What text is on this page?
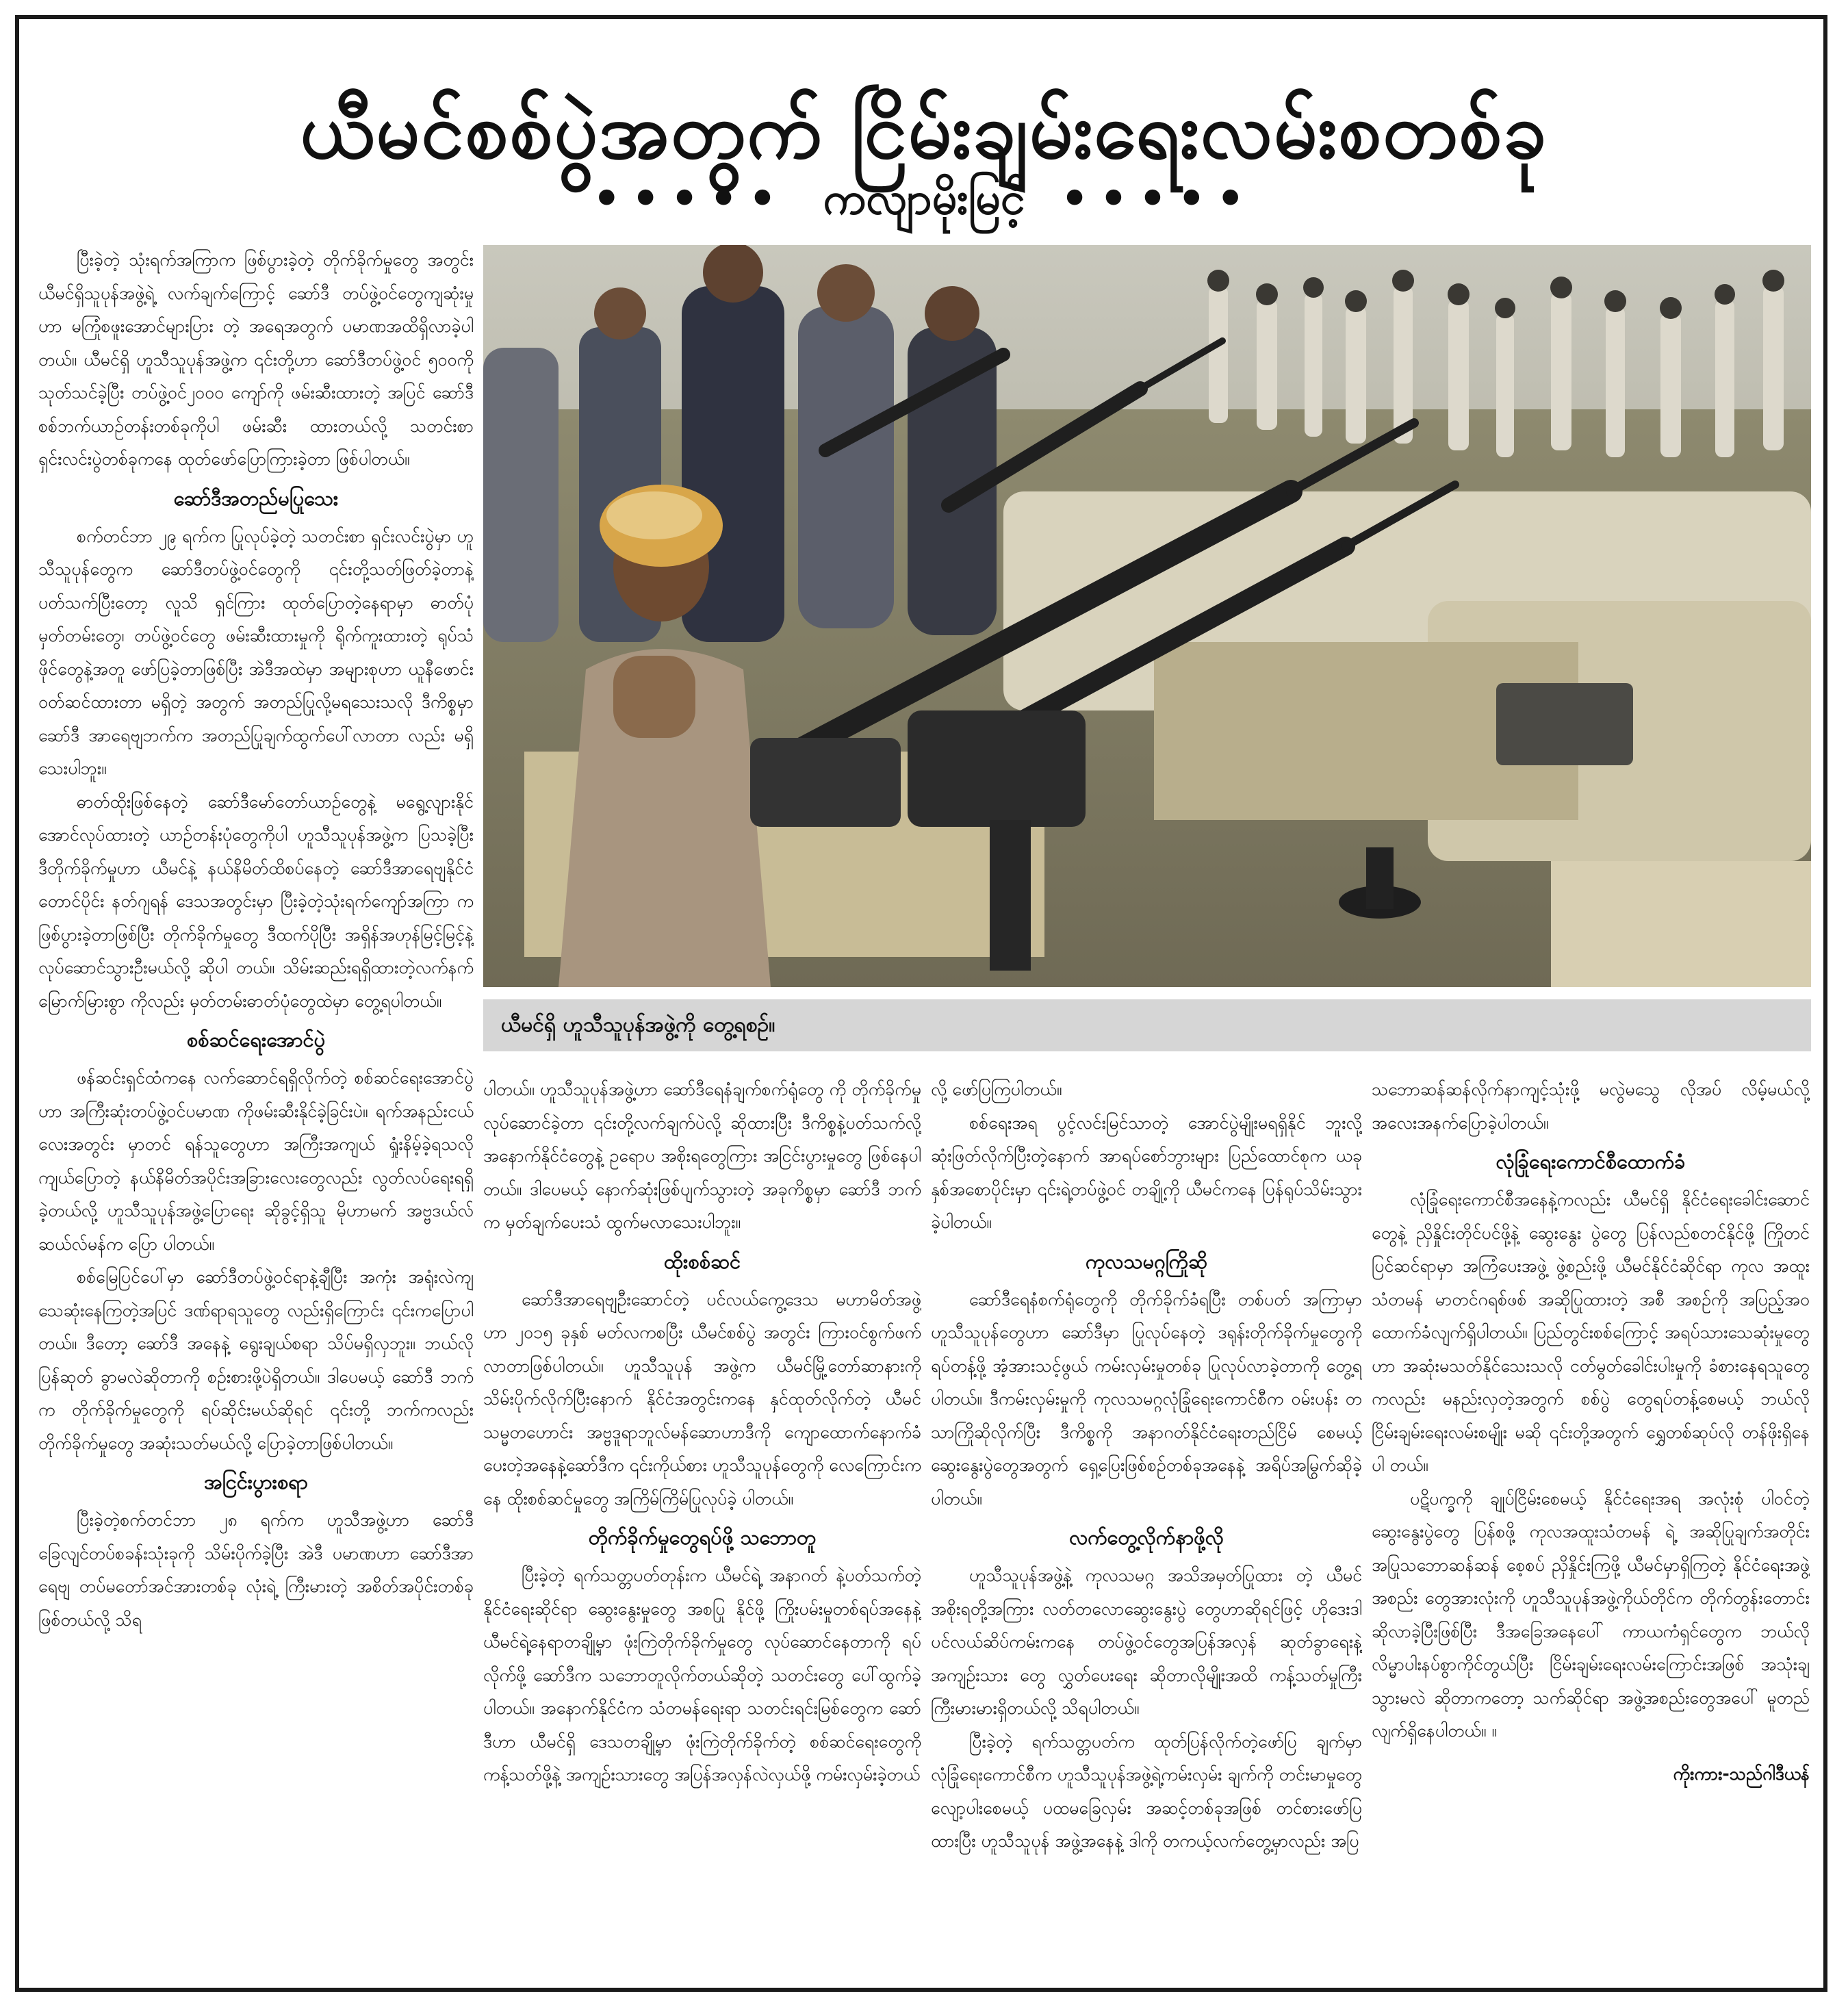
ယီမင်စစ်ပွဲအတွက် ငြိမ်းချမ်းရေးလမ်းစတစ်ခု
••••• ကလျာမိုးမြင့် •••••

ပြီးခဲ့တဲ့ သုံးရက်အကြာက ဖြစ်ပွားခဲ့တဲ့ တိုက်ခိုက်မှုတွေ အတွင်း ယီမင်ရှိသူပုန်အဖွဲ့ရဲ့ လက်ချက်ကြောင့် ဆော်ဒီ တပ်ဖွဲ့ဝင်တွေကျဆုံးမှုဟာ မကြုံစဖူးအောင်များပြား တဲ့ အရေအတွက် ပမာဏအထိရှိလာခဲ့ပါတယ်။ ယီမင်ရှိ ဟူသီသူပုန်အဖွဲ့က ၎င်းတို့ဟာ ဆော်ဒီတပ်ဖွဲ့ဝင် ၅၀၀ကို သုတ်သင်ခဲ့ပြီး တပ်ဖွဲ့ဝင်၂၀၀၀ ကျော်ကို ဖမ်းဆီးထားတဲ့ အပြင် ဆော်ဒီစစ်ဘက်ယာဉ်တန်းတစ်ခုကိုပါ ဖမ်းဆီး ထားတယ်လို့ သတင်းစာရှင်းလင်းပွဲတစ်ခုကနေ ထုတ်ဖော်ပြောကြားခဲ့တာ ဖြစ်ပါတယ်။

ဆော်ဒီအတည်မပြုသေး

စက်တင်ဘာ ၂၉ ရက်က ပြုလုပ်ခဲ့တဲ့ သတင်းစာ ရှင်းလင်းပွဲမှာ ဟူသီသူပုန်တွေက ဆော်ဒီတပ်ဖွဲ့ဝင်တွေကို ၎င်းတို့သတ်ဖြတ်ခဲ့တာနဲ့ ပတ်သက်ပြီးတော့ လူသိ ရှင်ကြား ထုတ်ပြောတဲ့နေရာမှာ ဓာတ်ပုံမှတ်တမ်းတွေ၊ တပ်ဖွဲ့ဝင်တွေ ဖမ်းဆီးထားမှုကို ရိုက်ကူးထားတဲ့ ရုပ်သံဖိုင်တွေနဲ့အတူ ဖော်ပြခဲ့တာဖြစ်ပြီး အဲဒီအထဲမှာ အများစုဟာ ယူနီဖောင်းဝတ်ဆင်ထားတာ မရှိတဲ့ အတွက် အတည်ပြုလို့မရသေးသလို ဒီကိစ္စမှာ ဆော်ဒီ အာရေဗျဘက်က အတည်ပြုချက်ထွက်ပေါ်လာတာ လည်း မရှိသေးပါဘူး။

ဓာတ်ထိုးဖြစ်နေတဲ့ ဆော်ဒီမော်တော်ယာဉ်တွေနဲ့ မရွေ့လျားနိုင်အောင်လုပ်ထားတဲ့ ယာဉ်တန်းပုံတွေကိုပါ ဟူသီသူပုန်အဖွဲ့က ပြသခဲ့ပြီး ဒီတိုက်ခိုက်မှုဟာ ယီမင်နဲ့ နယ်နိမိတ်ထိစပ်နေတဲ့ ဆော်ဒီအာရေဗျနိုင်ငံ တောင်ပိုင်း နတ်ဂျရန် ဒေသအတွင်းမှာ ပြီးခဲ့တဲ့သုံးရက်ကျော်အကြာ က ဖြစ်ပွားခဲ့တာဖြစ်ပြီး တိုက်ခိုက်မှုတွေ ဒီထက်ပိုပြီး အရှိန်အဟုန်မြင့်မြင့်နဲ့ လုပ်ဆောင်သွားဦးမယ်လို့ ဆိုပါ တယ်။ သိမ်းဆည်းရရှိထားတဲ့လက်နက် မြောက်မြားစွာ ကိုလည်း မှတ်တမ်းဓာတ်ပုံတွေထဲမှာ တွေ့ရပါတယ်။

စစ်ဆင်ရေးအောင်ပွဲ

ဖန်ဆင်းရှင်ထံကနေ လက်ဆောင်ရရှိလိုက်တဲ့ စစ်ဆင်ရေးအောင်ပွဲဟာ အကြီးဆုံးတပ်ဖွဲ့ဝင်ပမာဏ ကိုဖမ်းဆီးနိုင်ခဲ့ခြင်းပဲ။ ရက်အနည်းငယ်လေးအတွင်း မှာတင် ရန်သူတွေဟာ အကြီးအကျယ် ရှုံးနိမ့်ခဲ့ရသလို ကျယ်ပြောတဲ့ နယ်နိမိတ်အပိုင်းအခြားလေးတွေလည်း လွတ်လပ်ရေးရရှိခဲ့တယ်လို့ ဟူသီသူပုန်အဖွဲ့ပြောရေး ဆိုခွင့်ရှိသူ မိုဟာမက် အဗ္ဗဒယ်လ် ဆယ်လ်မန်က ပြော ပါတယ်။

စစ်မြေပြင်ပေါ်မှာ ဆော်ဒီတပ်ဖွဲ့ဝင်ရာနဲ့ချီပြီး အကုံး အရုံးလဲကျသေဆုံးနေကြတဲ့အပြင် ဒဏ်ရာရသူတွေ လည်းရှိကြောင်း ၎င်းကပြောပါတယ်။ ဒီတော့ ဆော်ဒီ အနေနဲ့ ရွေးချယ်စရာ သိပ်မရှိလှဘူး။ ဘယ်လို ပြန်ဆုတ် ခွာမလဲဆိုတာကို စဉ်းစားဖို့ပဲရှိတယ်။ ဒါပေမယ့် ဆော်ဒီ ဘက်က တိုက်ခိုက်မှုတွေကို ရပ်ဆိုင်းမယ်ဆိုရင် ၎င်းတို့ ဘက်ကလည်း တိုက်ခိုက်မှုတွေ အဆုံးသတ်မယ်လို့ ပြောခဲ့တာဖြစ်ပါတယ်။

အငြင်းပွားစရာ

ပြီးခဲ့တဲ့စက်တင်ဘာ ၂၈ ရက်က ဟူသီအဖွဲ့ဟာ ဆော်ဒီခြေလျင်တပ်စခန်းသုံးခုကို သိမ်းပိုက်ခဲ့ပြီး အဲဒီ ပမာဏဟာ ဆော်ဒီအာရေဗျ တပ်မတော်အင်အားတစ်ခု လုံးရဲ့ ကြီးမားတဲ့ အစိတ်အပိုင်းတစ်ခုဖြစ်တယ်လို့ သိရ

ယီမင်ရှိ ဟူသီသူပုန်အဖွဲ့ကို တွေ့ရစဉ်။

ပါတယ်။ ဟူသီသူပုန်အဖွဲ့ဟာ ဆော်ဒီရေနံချက်စက်ရုံတွေ ကို တိုက်ခိုက်မှုလုပ်ဆောင်ခဲ့တာ ၎င်းတို့လက်ချက်ပဲလို့ ဆိုထားပြီး ဒီကိစ္စနဲ့ပတ်သက်လို့ အနောက်နိုင်ငံတွေနဲ့ ဥရောပ အစိုးရတွေကြား အငြင်းပွားမှုတွေ ဖြစ်နေပါတယ်။ ဒါပေမယ့် နောက်ဆုံးဖြစ်ပျက်သွားတဲ့ အခုကိစ္စမှာ ဆော်ဒီ ဘက်က မှတ်ချက်ပေးသံ ထွက်မလာသေးပါဘူး။

ထိုးစစ်ဆင်

ဆော်ဒီအာရေဗျဦးဆောင်တဲ့ ပင်လယ်ကွေ့ဒေသ မဟာမိတ်အဖွဲ့ဟာ ၂၀၁၅ ခုနှစ် မတ်လကစပြီး ယီမင်စစ်ပွဲ အတွင်း ကြားဝင်စွက်ဖက်လာတာဖြစ်ပါတယ်။ ဟူသီသူပုန် အဖွဲ့က ယီမင်မြို့တော်ဆာနားကို သိမ်းပိုက်လိုက်ပြီးနောက် နိုင်ငံအတွင်းကနေ နှင်ထုတ်လိုက်တဲ့ ယီမင်သမ္မတဟောင်း အဗ္ဗဒူရာဘူလ်မန်ဆောဟာဒီကို ကျောထောက်နောက်ခံ ပေးတဲ့အနေနဲ့ဆော်ဒီက ၎င်းကိုယ်စား ဟူသီသူပုန်တွေကို လေကြောင်းကနေ ထိုးစစ်ဆင်မှုတွေ အကြိမ်ကြိမ်ပြုလုပ်ခဲ့ ပါတယ်။

တိုက်ခိုက်မှုတွေရပ်ဖို့ သဘောတူ

ပြီးခဲ့တဲ့ ရက်သတ္တပတ်တုန်းက ယီမင်ရဲ့ အနာဂတ် နဲ့ပတ်သက်တဲ့ နိုင်ငံရေးဆိုင်ရာ ဆွေးနွေးမှုတွေ အစပြု နိုင်ဖို့ ကြိုးပမ်းမှုတစ်ရပ်အနေနဲ့ ယီမင်ရဲ့နေရာတချို့မှာ ဖုံးကြဲတိုက်ခိုက်မှုတွေ လုပ်ဆောင်နေတာကို ရပ်လိုက်ဖို့ ဆော်ဒီက သဘောတူလိုက်တယ်ဆိုတဲ့ သတင်းတွေ ပေါ်ထွက်ခဲ့ပါတယ်။ အနောက်နိုင်ငံက သံတမန်ရေးရာ သတင်းရင်းမြစ်တွေက ဆော်ဒီဟာ ယီမင်ရှိ ဒေသတချို့မှာ ဖုံးကြဲတိုက်ခိုက်တဲ့ စစ်ဆင်ရေးတွေကို ကန့်သတ်ဖို့နဲ့ အကျဉ်းသားတွေ အပြန်အလှန်လဲလှယ်ဖို့ ကမ်းလှမ်းခဲ့တယ်

လို့ ဖော်ပြကြပါတယ်။

စစ်ရေးအရ ပွင့်လင်းမြင်သာတဲ့ အောင်ပွဲမျိုးမရရှိနိုင် ဘူးလို့ ဆုံးဖြတ်လိုက်ပြီးတဲ့နောက် အာရပ်စော်ဘွားများ ပြည်ထောင်စုက ယခုနှစ်အစောပိုင်းမှာ ၎င်းရဲ့တပ်ဖွဲ့ဝင် တချို့ကို ယီမင်ကနေ ပြန်ရုပ်သိမ်းသွားခဲ့ပါတယ်။

ကုလသမဂ္ဂကြိုဆို

ဆော်ဒီရေနံစက်ရုံတွေကို တိုက်ခိုက်ခံရပြီး တစ်ပတ် အကြာမှာ ဟူသီသူပုန်တွေဟာ ဆော်ဒီမှာ ပြုလုပ်နေတဲ့ ဒရုန်းတိုက်ခိုက်မှုတွေကို ရပ်တန့်ဖို့ အံ့အားသင့်ဖွယ် ကမ်းလှမ်းမှုတစ်ခု ပြုလုပ်လာခဲ့တာကို တွေ့ရပါတယ်။ ဒီကမ်းလှမ်းမှုကို ကုလသမဂ္ဂလုံခြုံရေးကောင်စီက ဝမ်းပန်း တသာကြိုဆိုလိုက်ပြီး ဒီကိစ္စကို အနာဂတ်နိုင်ငံရေးတည်ငြိမ် စေမယ့်ဆွေးနွေးပွဲတွေအတွက် ရှေ့ပြေးဖြစ်စဉ်တစ်ခုအနေနဲ့ အရိပ်အမြွက်ဆိုခဲ့ပါတယ်။

လက်တွေ့လိုက်နာဖို့လို

ဟူသီသူပုန်အဖွဲ့နဲ့ ကုလသမဂ္ဂ အသိအမှတ်ပြုထား တဲ့ ယီမင်အစိုးရတို့အကြား လတ်တလောဆွေးနွေးပွဲ တွေဟာဆိုရင်ဖြင့် ဟိုဒေးဒါပင်လယ်ဆိပ်ကမ်းကနေ တပ်ဖွဲ့ဝင်တွေအပြန်အလှန် ဆုတ်ခွာရေးနဲ့ အကျဉ်းသား တွေ လွှတ်ပေးရေး ဆိုတာလိုမျိုးအထိ ကန့်သတ်မှုကြီး ကြီးမားမားရှိတယ်လို့ သိရပါတယ်။

ပြီးခဲ့တဲ့ ရက်သတ္တပတ်က ထုတ်ပြန်လိုက်တဲ့ဖော်ပြ ချက်မှာ လုံခြုံရေးကောင်စီက ဟူသီသူပုန်အဖွဲ့ရဲ့ကမ်းလှမ်း ချက်ကို တင်းမာမှုတွေ လျော့ပါးစေမယ့် ပထမခြေလှမ်း အဆင့်တစ်ခုအဖြစ် တင်စားဖော်ပြထားပြီး ဟူသီသူပုန် အဖွဲ့အနေနဲ့ ဒါကို တကယ့်လက်တွေ့မှာလည်း အပြ

သဘောဆန်ဆန်လိုက်နာကျင့်သုံးဖို့ မလွဲမသွေ လိုအပ် လိမ့်မယ်လို့ အလေးအနက်ပြောခဲ့ပါတယ်။

လုံခြုံရေးကောင်စီထောက်ခံ

လုံခြုံရေးကောင်စီအနေနဲ့ကလည်း ယီမင်ရှိ နိုင်ငံရေးခေါင်းဆောင်တွေနဲ့ ညှိနှိုင်းတိုင်ပင်ဖို့နဲ့ ဆွေးနွေး ပွဲတွေ ပြန်လည်စတင်နိုင်ဖို့ ကြိုတင်ပြင်ဆင်ရာမှာ အကြံပေးအဖွဲ့ ဖွဲ့စည်းဖို့ ယီမင်နိုင်ငံဆိုင်ရာ ကုလ အထူးသံတမန် မာတင်ဂရစ်ဖစ် အဆိုပြုထားတဲ့ အစီ အစဉ်ကို အပြည့်အဝ ထောက်ခံလျက်ရှိပါတယ်။ ပြည်တွင်းစစ်ကြောင့် အရပ်သားသေဆုံးမှုတွေဟာ အဆုံးမသတ်နိုင်သေးသလို ငတ်မွတ်ခေါင်းပါးမှုကို ခံစားနေရသူတွေကလည်း မနည်းလှတဲ့အတွက် စစ်ပွဲ တွေရပ်တန့်စေမယ့် ဘယ်လိုငြိမ်းချမ်းရေးလမ်းစမျိုး မဆို ၎င်းတို့အတွက် ရွှေတစ်ဆုပ်လို တန်ဖိုးရှိနေပါ တယ်။

ပဋိပက္ခကို ချုပ်ငြိမ်းစေမယ့် နိုင်ငံရေးအရ အလုံးစုံ ပါဝင်တဲ့ ဆွေးနွေးပွဲတွေ ပြန်စဖို့ ကုလအထူးသံတမန် ရဲ့ အဆိုပြုချက်အတိုင်း အပြုသဘောဆန်ဆန် စေ့စပ် ညှိနှိုင်းကြဖို့ ယီမင်မှာရှိကြတဲ့ နိုင်ငံရေးအဖွဲ့အစည်း တွေအားလုံးကို ဟူသီသူပုန်အဖွဲ့ကိုယ်တိုင်က တိုက်တွန်းတောင်းဆိုလာခဲ့ပြီးဖြစ်ပြီး ဒီအခြေအနေပေါ် ကာယကံရှင်တွေက ဘယ်လိုလိမ္မာပါးနပ်စွာကိုင်တွယ်ပြီး ငြိမ်းချမ်းရေးလမ်းကြောင်းအဖြစ် အသုံးချသွားမလဲ ဆိုတာကတော့ သက်ဆိုင်ရာ အဖွဲ့အစည်းတွေအပေါ် မူတည်လျက်ရှိနေပါတယ်။ ။

ကိုးကား-သည်ဂါဒီယန်
